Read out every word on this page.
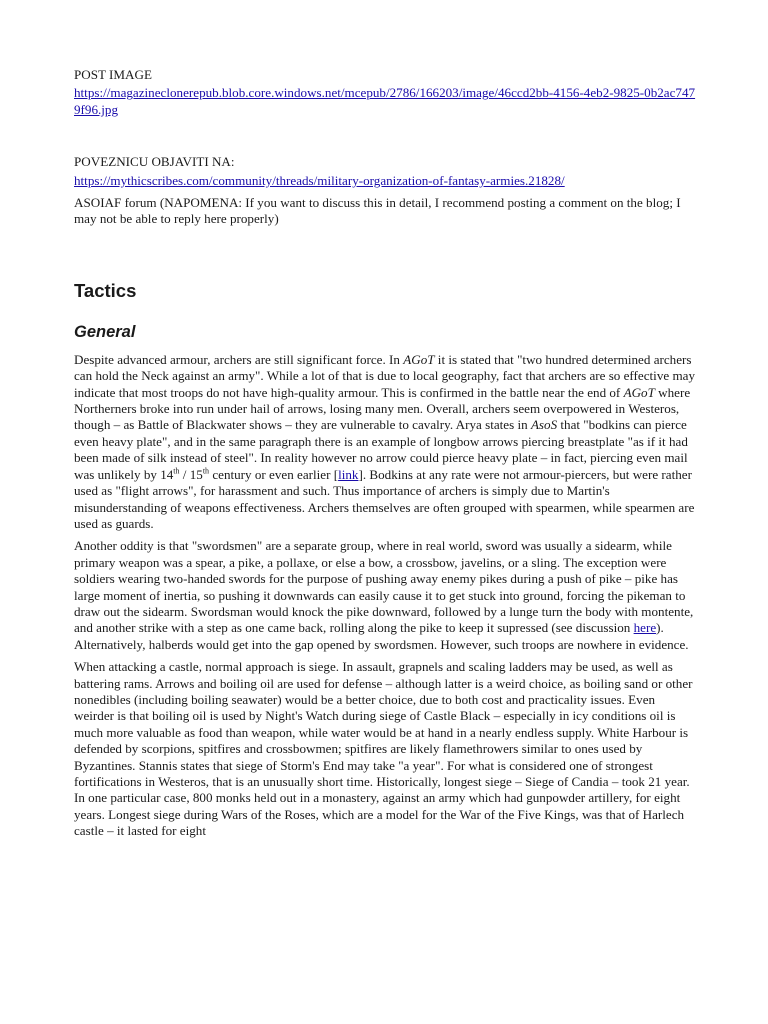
POST IMAGE

https://magazineclonerepub.blob.core.windows.net/mcepub/2786/166203/image/46ccd2bb-4156-4eb2-9825-0b2ac7479f96.jpg

POVEZNICU OBJAVITI NA:

https://mythicscribes.com/community/threads/military-organization-of-fantasy-armies.21828/

ASOIAF forum (NAPOMENA: If you want to discuss this in detail, I recommend posting a comment on the blog; I may not be able to reply here properly)

Tactics
General

Despite advanced armour, archers are still significant force. In AGoT it is stated that "two hundred determined archers can hold the Neck against an army". While a lot of that is due to local geography, fact that archers are so effective may indicate that most troops do not have high-quality armour. This is confirmed in the battle near the end of AGoT where Northerners broke into run under hail of arrows, losing many men. Overall, archers seem overpowered in Westeros, though – as Battle of Blackwater shows – they are vulnerable to cavalry. Arya states in AsoS that "bodkins can pierce even heavy plate", and in the same paragraph there is an example of longbow arrows piercing breastplate "as if it had been made of silk instead of steel". In reality however no arrow could pierce heavy plate – in fact, piercing even mail was unlikely by 14th / 15th century or even earlier [link]. Bodkins at any rate were not armour-piercers, but were rather used as "flight arrows", for harassment and such. Thus importance of archers is simply due to Martin's misunderstanding of weapons effectiveness. Archers themselves are often grouped with spearmen, while spearmen are used as guards.

Another oddity is that "swordsmen" are a separate group, where in real world, sword was usually a sidearm, while primary weapon was a spear, a pike, a pollaxe, or else a bow, a crossbow, javelins, or a sling. The exception were soldiers wearing two-handed swords for the purpose of pushing away enemy pikes during a push of pike – pike has large moment of inertia, so pushing it downwards can easily cause it to get stuck into ground, forcing the pikeman to draw out the sidearm. Swordsman would knock the pike downward, followed by a lunge turn the body with montente, and another strike with a step as one came back, rolling along the pike to keep it supressed (see discussion here). Alternatively, halberds would get into the gap opened by swordsmen. However, such troops are nowhere in evidence.

When attacking a castle, normal approach is siege. In assault, grapnels and scaling ladders may be used, as well as battering rams. Arrows and boiling oil are used for defense – although latter is a weird choice, as boiling sand or other nonedibles (including boiling seawater) would be a better choice, due to both cost and practicality issues. Even weirder is that boiling oil is used by Night's Watch during siege of Castle Black – especially in icy conditions oil is much more valuable as food than weapon, while water would be at hand in a nearly endless supply. White Harbour is defended by scorpions, spitfires and crossbowmen; spitfires are likely flamethrowers similar to ones used by Byzantines. Stannis states that siege of Storm's End may take "a year". For what is considered one of strongest fortifications in Westeros, that is an unusually short time. Historically, longest siege – Siege of Candia – took 21 year. In one particular case, 800 monks held out in a monastery, against an army which had gunpowder artillery, for eight years. Longest siege during Wars of the Roses, which are a model for the War of the Five Kings, was that of Harlech castle – it lasted for eight
